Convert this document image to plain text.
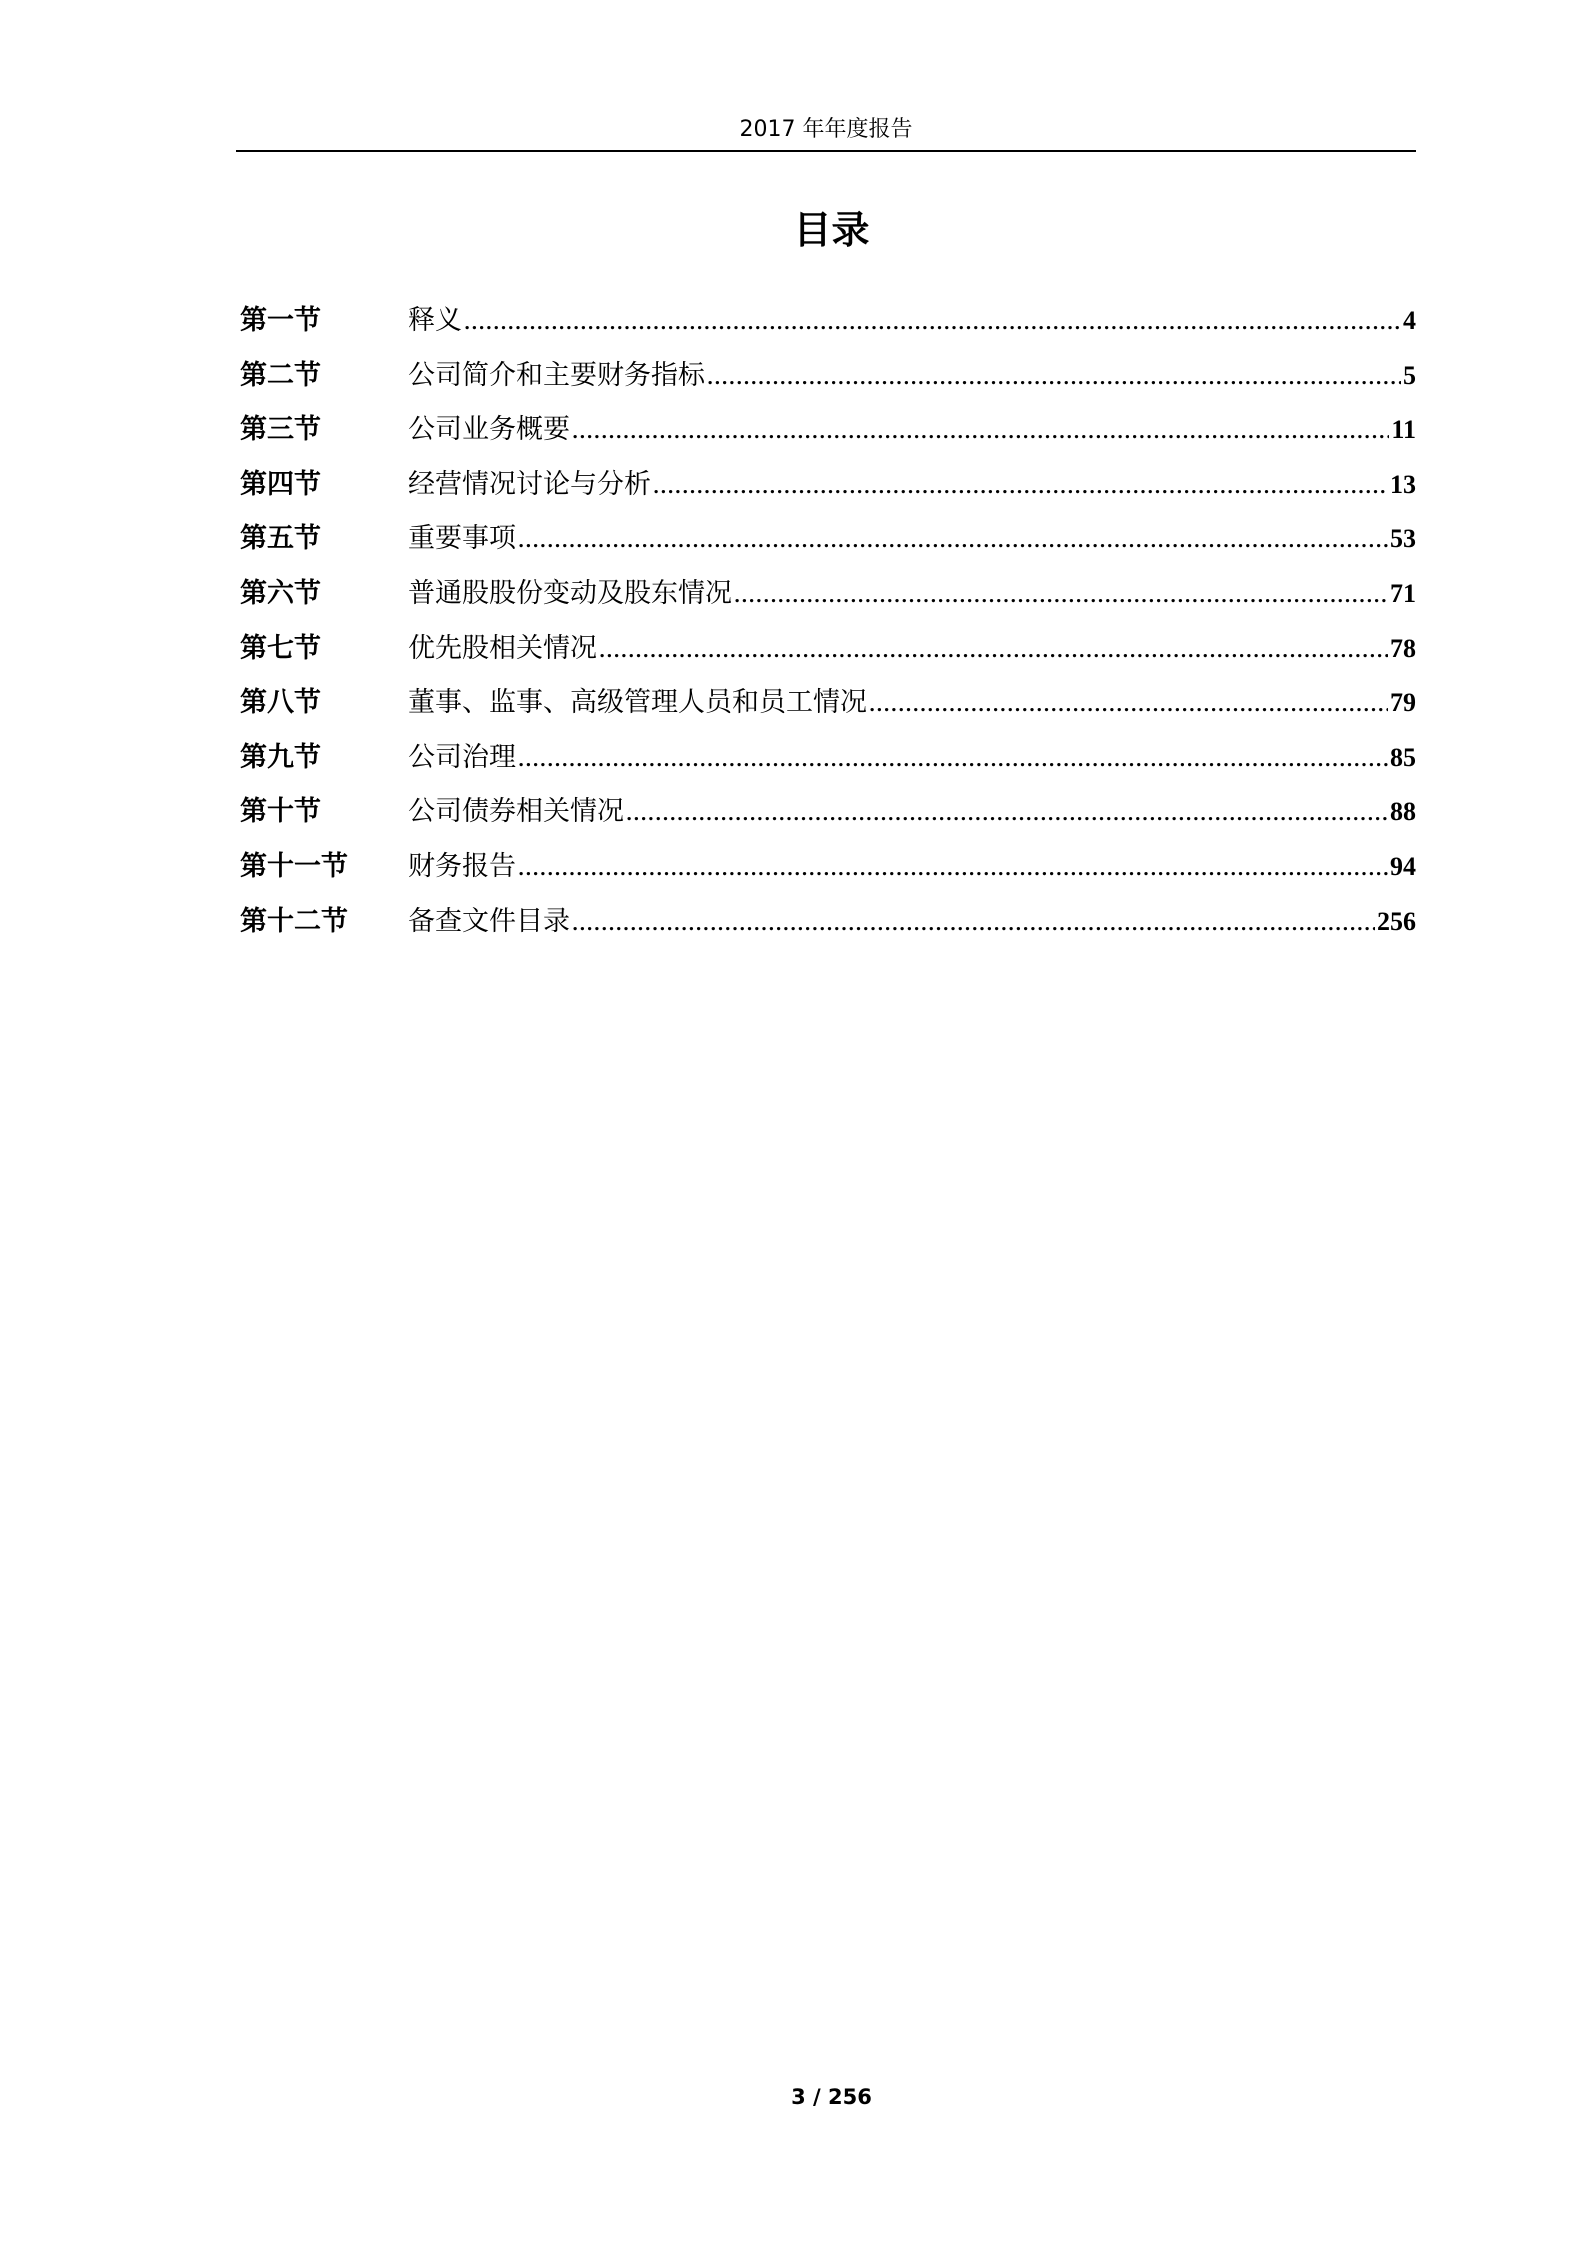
2017 年年度报告
目录
第一节	释义 .....	4
第二节	公司简介和主要财务指标 .....	5
第三节	公司业务概要 .....	11
第四节	经营情况讨论与分析 .....	13
第五节	重要事项 .....	53
第六节	普通股股份变动及股东情况 .....	71
第七节	优先股相关情况 .....	78
第八节	董事、监事、高级管理人员和员工情况 .....	79
第九节	公司治理 .....	85
第十节	公司债券相关情况 .....	88
第十一节	财务报告 .....	94
第十二节	备查文件目录 .....	256
3 / 256
